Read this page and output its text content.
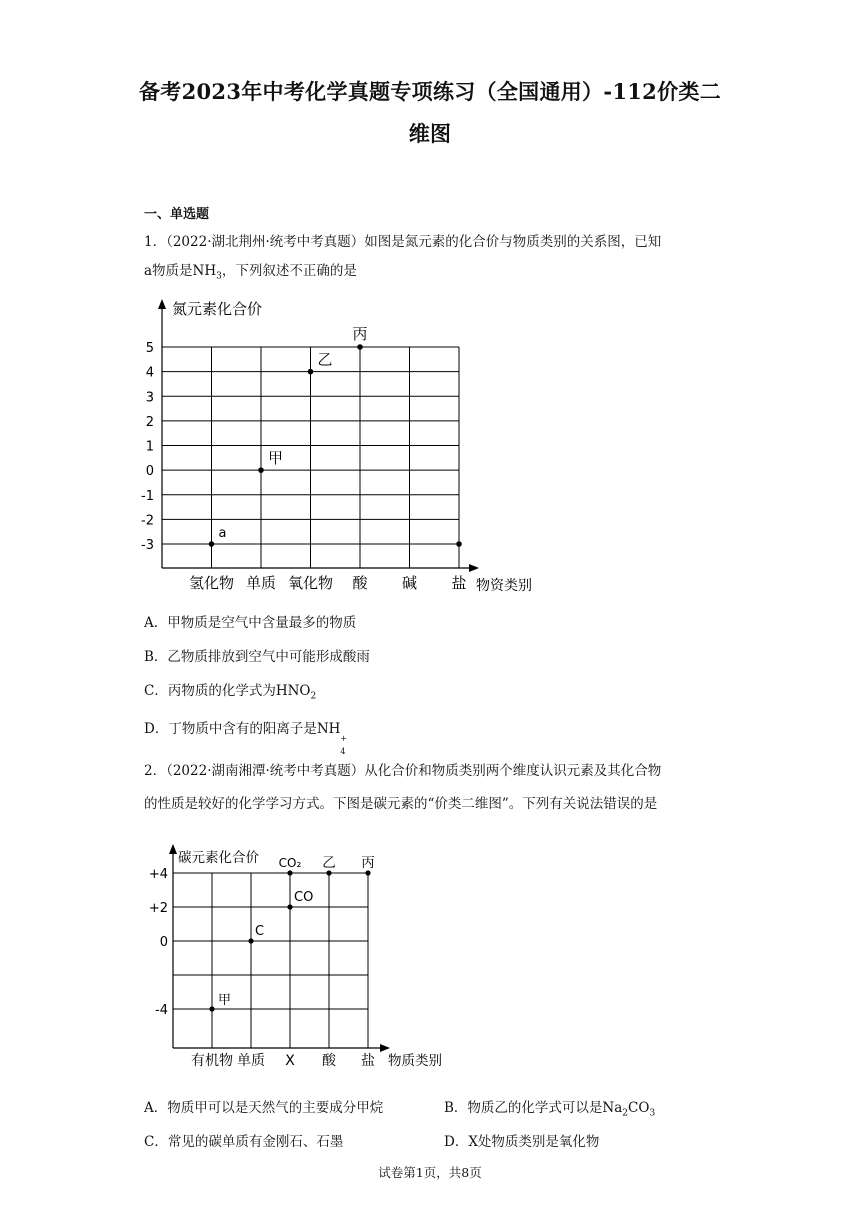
备考2023年中考化学真题专项练习（全国通用）-112价类二
维图
一、单选题
1．（2022·湖北荆州·统考中考真题）如图是氮元素的化合价与物质类别的关系图，已知
a物质是$NH_3$，下列叙述不正确的是
5
4
3
2
1
0
-1
-2
-3
氢化物 单质 氧化物 酸 碱 盐
a
甲
乙
丙
氮元素化合价
物资类别
A．甲物质是空气中含量最多的物质
B．乙物质排放到空气中可能形成酸雨
C．丙物质的化学式为$HNO_2$
D．丁物质中含有的阳离子是NH
+
4
2．（2022·湖南湘潭·统考中考真题）从化合价和物质类别两个维度认识元素及其化合物
的性质是较好的化学学习方式。下图是碳元素的“价类二维图”。下列有关说法错误的是
+4
+2
0
-4
有机物 单质 X 酸 盐
甲
C
CO
CO₂ 乙 丙
碳元素化合价
物质类别
A．物质甲可以是天然气的主要成分甲烷	B．物质乙的化学式可以是$Na_2CO_3$
C．常见的碳单质有金刚石、石墨	D．X处物质类别是氧化物
试卷第1页，共8页
